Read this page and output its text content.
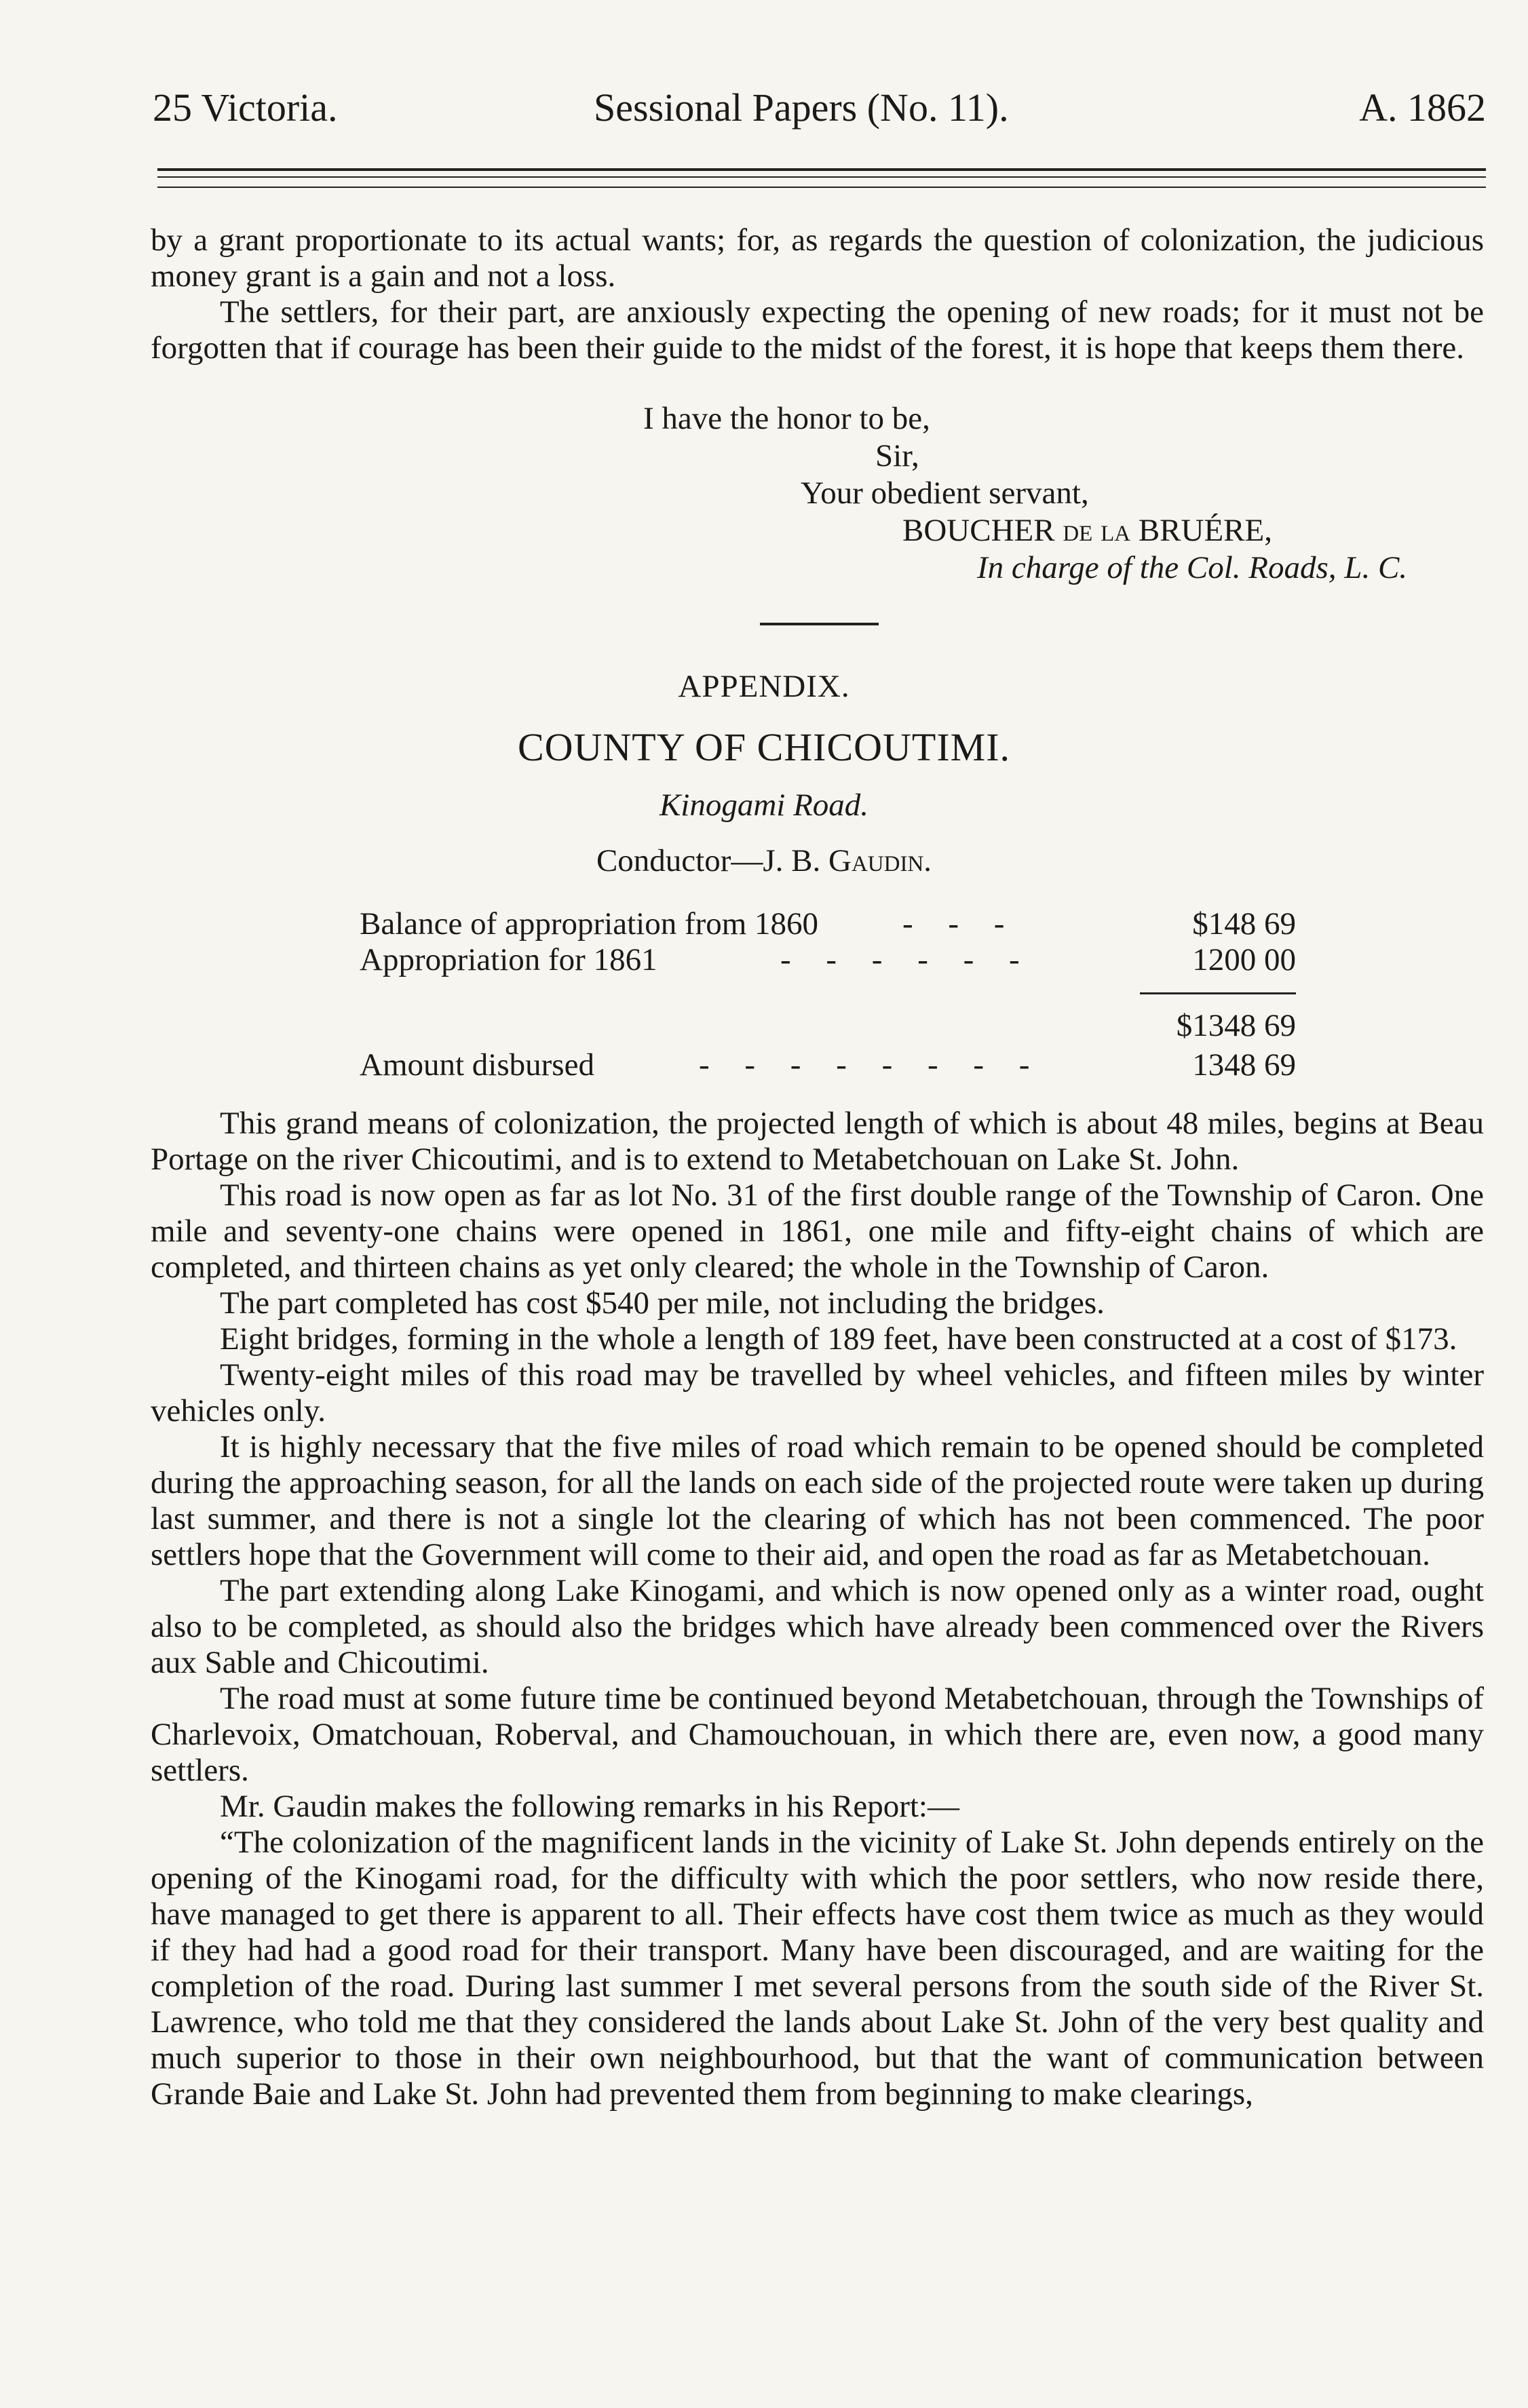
25 Victoria.	Sessional Papers (No. 11).	A. 1862

by a grant proportionate to its actual wants; for, as regards the question of colonization, the judicious money grant is a gain and not a loss.

The settlers, for their part, are anxiously expecting the opening of new roads; for it must not be forgotten that if courage has been their guide to the midst of the forest, it is hope that keeps them there.

I have the honor to be,
Sir,
Your obedient servant,
BOUCHER de la BRUÉRE,
In charge of the Col. Roads, L. C.
APPENDIX.
COUNTY OF CHICOUTIMI.
Kinogami Road.
Conductor—J. B. Gaudin.
Balance of appropriation from 1860	- - -	$148 69
Appropriation for 1861	- - - - - -	1200 00
$1348 69
Amount disbursed	- - - - - - - -	1348 69

This grand means of colonization, the projected length of which is about 48 miles, begins at Beau Portage on the river Chicoutimi, and is to extend to Metabetchouan on Lake St. John.

This road is now open as far as lot No. 31 of the first double range of the Township of Caron. One mile and seventy-one chains were opened in 1861, one mile and fifty-eight chains of which are completed, and thirteen chains as yet only cleared; the whole in the Township of Caron.

The part completed has cost $540 per mile, not including the bridges.

Eight bridges, forming in the whole a length of 189 feet, have been constructed at a cost of $173.

Twenty-eight miles of this road may be travelled by wheel vehicles, and fifteen miles by winter vehicles only.

It is highly necessary that the five miles of road which remain to be opened should be completed during the approaching season, for all the lands on each side of the projected route were taken up during last summer, and there is not a single lot the clearing of which has not been commenced. The poor settlers hope that the Government will come to their aid, and open the road as far as Metabetchouan.

The part extending along Lake Kinogami, and which is now opened only as a winter road, ought also to be completed, as should also the bridges which have already been commenced over the Rivers aux Sable and Chicoutimi.

The road must at some future time be continued beyond Metabetchouan, through the Townships of Charlevoix, Omatchouan, Roberval, and Chamouchouan, in which there are, even now, a good many settlers.

Mr. Gaudin makes the following remarks in his Report:—

“The colonization of the magnificent lands in the vicinity of Lake St. John depends entirely on the opening of the Kinogami road, for the difficulty with which the poor settlers, who now reside there, have managed to get there is apparent to all. Their effects have cost them twice as much as they would if they had had a good road for their transport. Many have been discouraged, and are waiting for the completion of the road. During last summer I met several persons from the south side of the River St. Lawrence, who told me that they considered the lands about Lake St. John of the very best quality and much superior to those in their own neighbourhood, but that the want of communication between Grande Baie and Lake St. John had prevented them from beginning to make clearings,
